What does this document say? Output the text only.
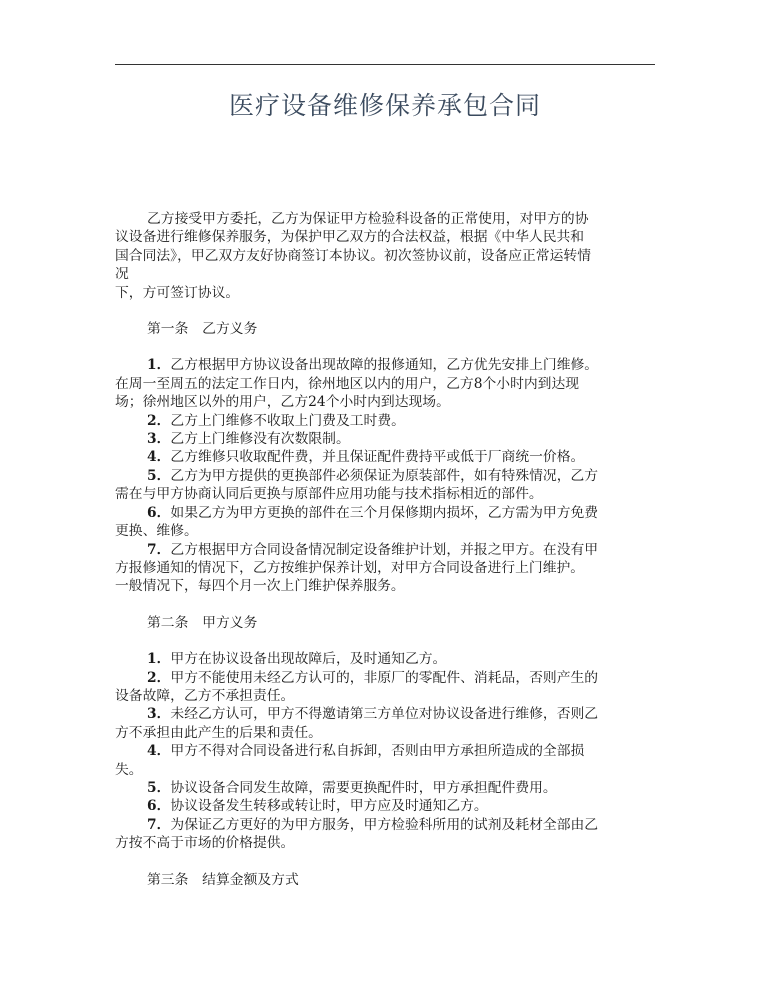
医疗设备维修保养承包合同

乙方接受甲方委托，乙方为保证甲方检验科设备的正常使用，对甲方的协

议设备进行维修保养服务，为保护甲乙双方的合法权益，根据《中华人民共和

国合同法》，甲乙双方友好协商签订本协议。初次签协议前，设备应正常运转情

况

下，方可签订协议。

第一条　乙方义务

1．乙方根据甲方协议设备出现故障的报修通知，乙方优先安排上门维修。

在周一至周五的法定工作日内，徐州地区以内的用户，乙方8个小时内到达现

场；徐州地区以外的用户，乙方24个小时内到达现场。

2．乙方上门维修不收取上门费及工时费。

3．乙方上门维修没有次数限制。

4．乙方维修只收取配件费，并且保证配件费持平或低于厂商统一价格。

5．乙方为甲方提供的更换部件必须保证为原装部件，如有特殊情况，乙方

需在与甲方协商认同后更换与原部件应用功能与技术指标相近的部件。

6．如果乙方为甲方更换的部件在三个月保修期内损坏，乙方需为甲方免费

更换、维修。

7．乙方根据甲方合同设备情况制定设备维护计划，并报之甲方。在没有甲

方报修通知的情况下，乙方按维护保养计划，对甲方合同设备进行上门维护。

一般情况下，每四个月一次上门维护保养服务。

第二条　甲方义务

1．甲方在协议设备出现故障后，及时通知乙方。

2．甲方不能使用未经乙方认可的，非原厂的零配件、消耗品，否则产生的

设备故障，乙方不承担责任。

3．未经乙方认可，甲方不得邀请第三方单位对协议设备进行维修，否则乙

方不承担由此产生的后果和责任。

4．甲方不得对合同设备进行私自拆卸，否则由甲方承担所造成的全部损

失。

5．协议设备合同发生故障，需要更换配件时，甲方承担配件费用。

6．协议设备发生转移或转让时，甲方应及时通知乙方。

7．为保证乙方更好的为甲方服务，甲方检验科所用的试剂及耗材全部由乙

方按不高于市场的价格提供。

第三条　结算金额及方式
